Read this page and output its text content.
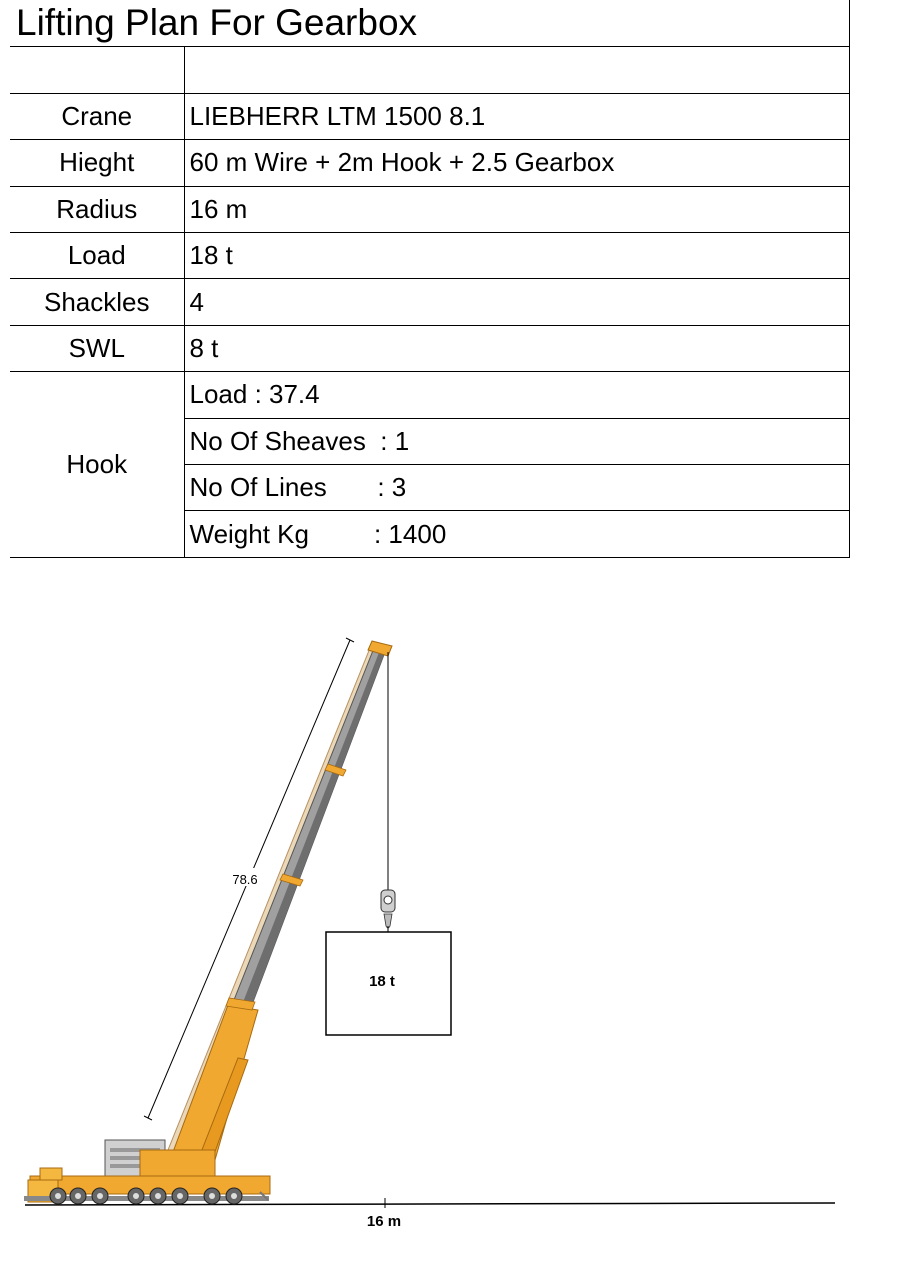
Lifting Plan For Gearbox

Crane	LIEBHERR LTM 1500 8.1
Hieght	60 m Wire + 2m Hook + 2.5 Gearbox
Radius	16 m
Load	18 t
Shackles	4
SWL	8 t
Hook	Load : 37.4
	No Of Sheaves  : 1
	No Of Lines       : 3
	Weight Kg         : 1400
16 m
78.6
18 t
